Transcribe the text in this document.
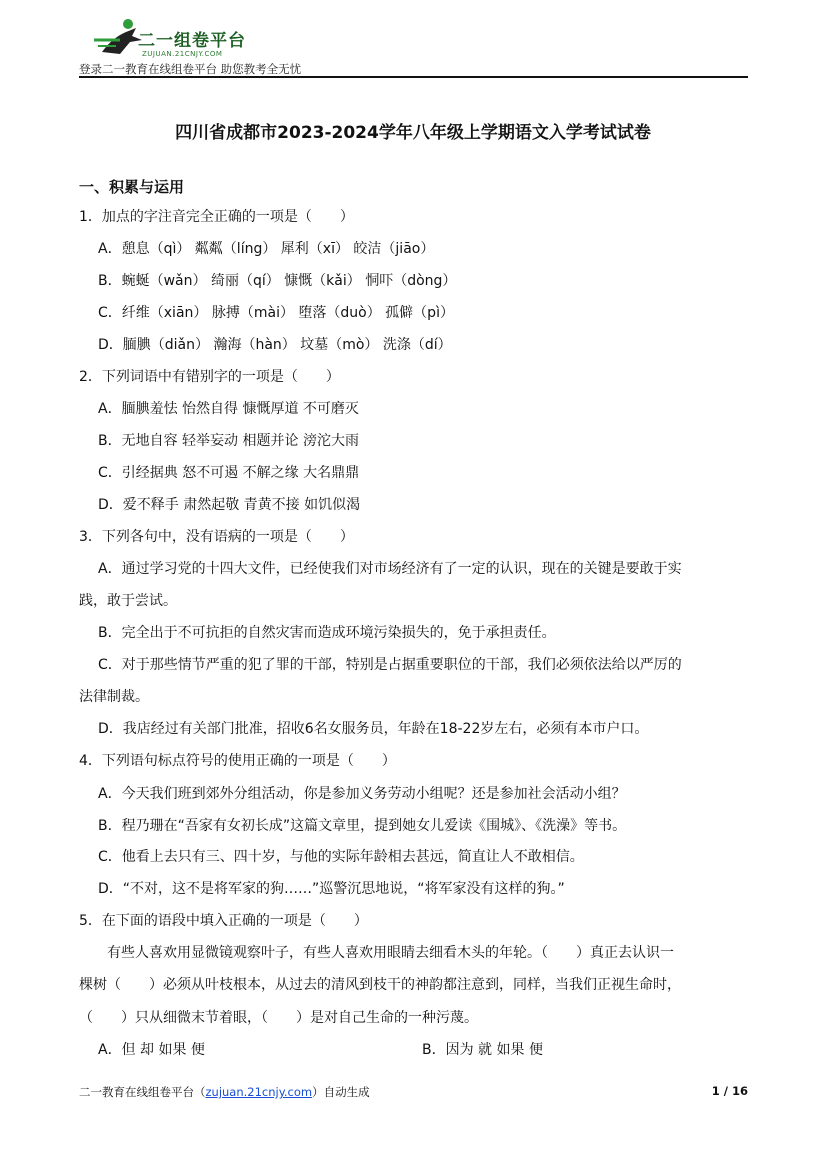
二一组卷平台
ZUJUAN.21CNJY.COM
登录二一教育在线组卷平台 助您教考全无忧
四川省成都市2023-2024学年八年级上学期语文入学考试试卷
一、积累与运用
1．加点的字注音完全正确的一项是（　　）
A．憩息（qì） 粼粼（líng） 犀利（xī） 皎洁（jiāo）
B．蜿蜒（wǎn） 绮丽（qí） 慷慨（kǎi） 恫吓（dòng）
C．纤维（xiān） 脉搏（mài） 堕落（duò） 孤僻（pì）
D．腼腆（diǎn） 瀚海（hàn） 坟墓（mò） 洗涤（dí）
2．下列词语中有错别字的一项是（　　）
A．腼腆羞怯 怡然自得 慷慨厚道 不可磨灭
B．无地自容 轻举妄动 相题并论 滂沱大雨
C．引经据典 怒不可遏 不解之缘 大名鼎鼎
D．爱不释手 肃然起敬 青黄不接 如饥似渴
3．下列各句中，没有语病的一项是（　　）
A．通过学习党的十四大文件，已经使我们对市场经济有了一定的认识，现在的关键是要敢于实
践，敢于尝试。
B．完全出于不可抗拒的自然灾害而造成环境污染损失的，免于承担责任。
C．对于那些情节严重的犯了罪的干部，特别是占据重要职位的干部，我们必须依法给以严厉的
法律制裁。
D．我店经过有关部门批准，招收6名女服务员，年龄在18-22岁左右，必须有本市户口。
4．下列语句标点符号的使用正确的一项是（　　）
A．今天我们班到郊外分组活动，你是参加义务劳动小组呢？还是参加社会活动小组？
B．程乃珊在“吾家有女初长成”这篇文章里，提到她女儿爱读《围城》、《洗澡》等书。
C．他看上去只有三、四十岁，与他的实际年龄相去甚远，简直让人不敢相信。
D．“不对，这不是将军家的狗……”巡警沉思地说，“将军家没有这样的狗。”
5．在下面的语段中填入正确的一项是（　　）
有些人喜欢用显微镜观察叶子，有些人喜欢用眼睛去细看木头的年轮。（　　）真正去认识一
棵树（　　）必须从叶枝根本，从过去的清风到枝干的神韵都注意到，同样，当我们正视生命时，
（　　）只从细微末节着眼，（　　）是对自己生命的一种污蔑。
A．但 却 如果 便	B．因为 就 如果 便
二一教育在线组卷平台（zujuan.21cnjy.com）自动生成	1 / 16
